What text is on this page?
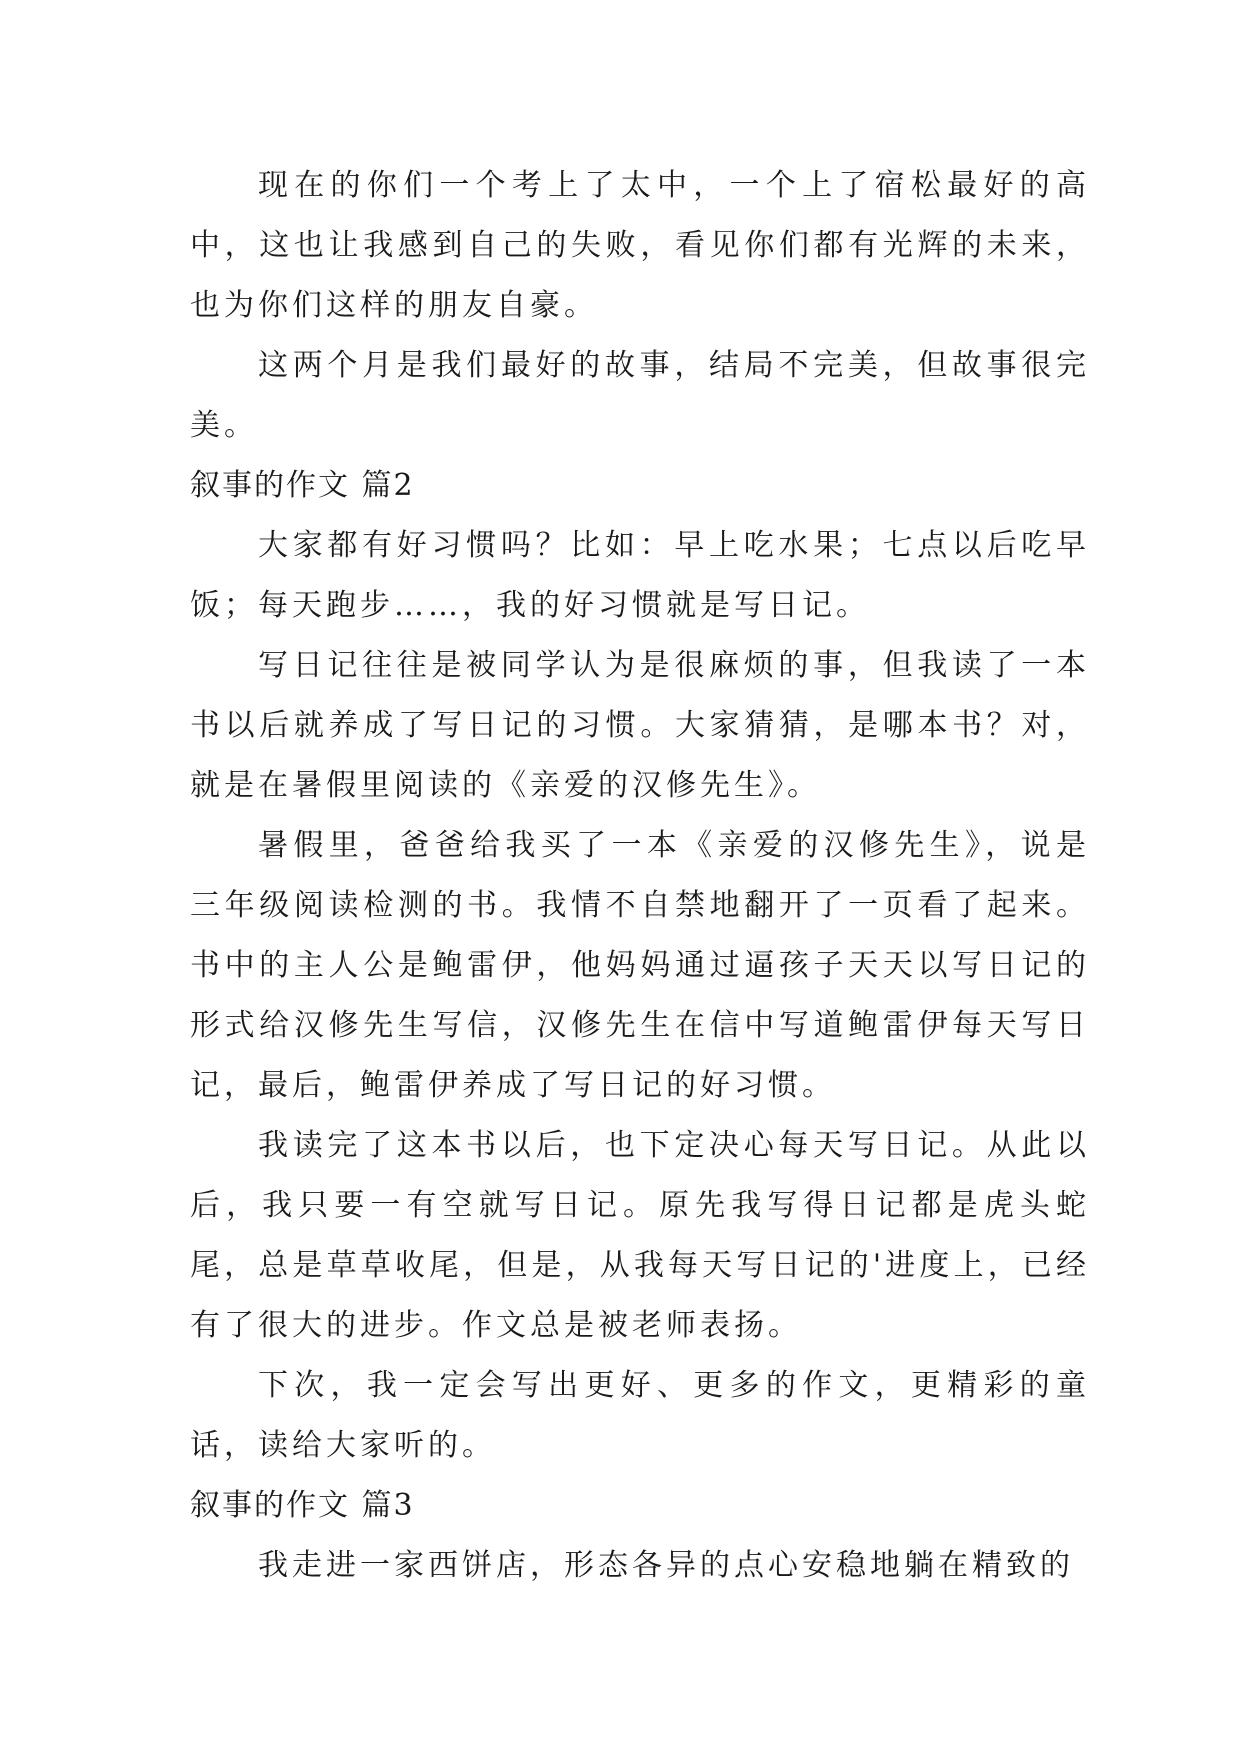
现在的你们一个考上了太中，一个上了宿松最好的高中，这也让我感到自己的失败，看见你们都有光辉的未来，也为你们这样的朋友自豪。

这两个月是我们最好的故事，结局不完美，但故事很完美。

叙事的作文 篇2

大家都有好习惯吗？比如：早上吃水果；七点以后吃早饭；每天跑步……，我的好习惯就是写日记。

写日记往往是被同学认为是很麻烦的事，但我读了一本书以后就养成了写日记的习惯。大家猜猜，是哪本书？对，就是在暑假里阅读的《亲爱的汉修先生》。

暑假里，爸爸给我买了一本《亲爱的汉修先生》，说是三年级阅读检测的书。我情不自禁地翻开了一页看了起来。书中的主人公是鲍雷伊，他妈妈通过逼孩子天天以写日记的形式给汉修先生写信，汉修先生在信中写道鲍雷伊每天写日记，最后，鲍雷伊养成了写日记的好习惯。

我读完了这本书以后，也下定决心每天写日记。从此以后，我只要一有空就写日记。原先我写得日记都是虎头蛇尾，总是草草收尾，但是，从我每天写日记的'进度上，已经有了很大的进步。作文总是被老师表扬。

下次，我一定会写出更好、更多的作文，更精彩的童话，读给大家听的。

叙事的作文 篇3

我走进一家西饼店，形态各异的点心安稳地躺在精致的
